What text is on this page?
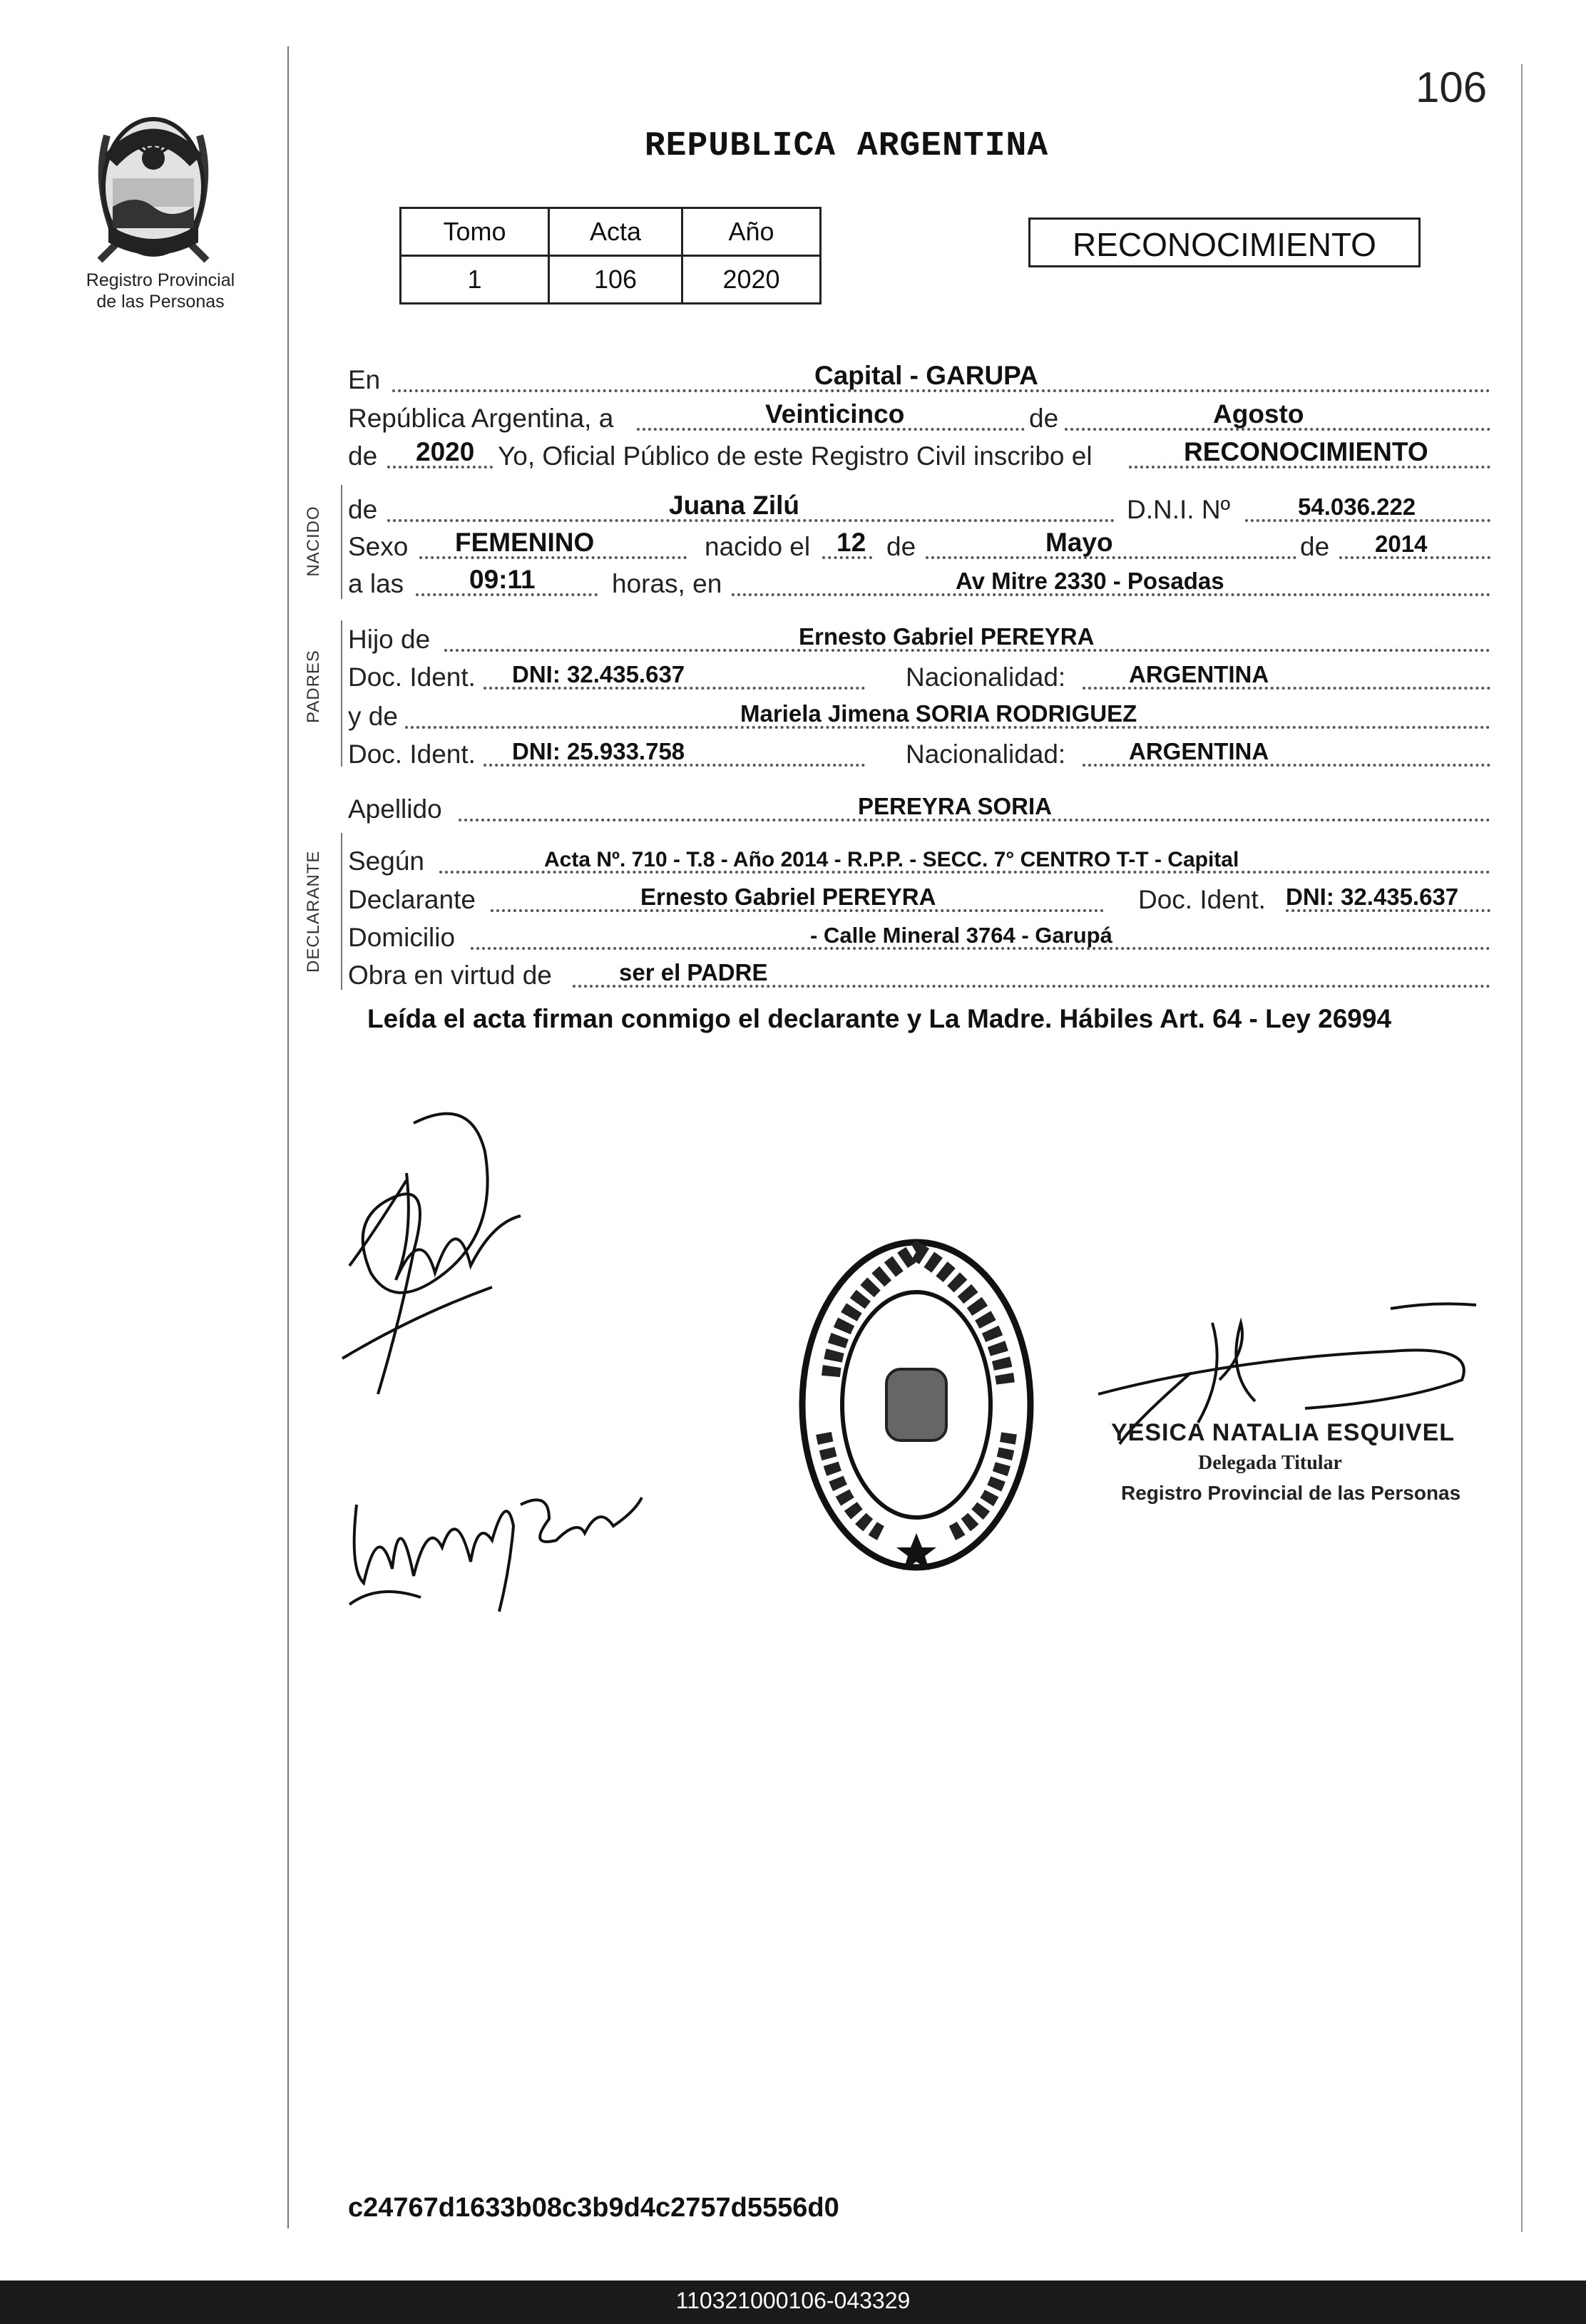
106
REPUBLICA ARGENTINA
Registro Provincial
de las Personas
Tomo	Acta	Año
1	106	2020
RECONOCIMIENTO
NACIDO
PADRES
DECLARANTE
En	Capital - GARUPA
República Argentina, a	Veinticinco	de	Agosto
de 2020 Yo, Oficial Público de este Registro Civil inscribo el	RECONOCIMIENTO
de	Juana Zilú	D.N.I. Nº	54.036.222
Sexo FEMENINO	nacido el 12 de	Mayo	de 2014
a las 09:11	horas, en	Av Mitre 2330 - Posadas
Hijo de	Ernesto Gabriel PEREYRA
Doc. Ident. DNI: 32.435.637	Nacionalidad:	ARGENTINA
y de	Mariela Jimena SORIA RODRIGUEZ
Doc. Ident. DNI: 25.933.758	Nacionalidad:	ARGENTINA
Apellido	PEREYRA SORIA
Según	Acta Nº. 710 - T.8 - Año 2014 - R.P.P. - SECC. 7° CENTRO T-T - Capital
Declarante	Ernesto Gabriel PEREYRA	Doc. Ident. DNI: 32.435.637
Domicilio	- Calle Mineral 3764 - Garupá
Obra en virtud de	ser el PADRE
Leída el acta firman conmigo el declarante y La Madre. Hábiles Art. 64 - Ley 26994
YESICA NATALIA ESQUIVEL
Delegada Titular
Registro Provincial de las Personas
c24767d1633b08c3b9d4c2757d5556d0
110321000106-043329
